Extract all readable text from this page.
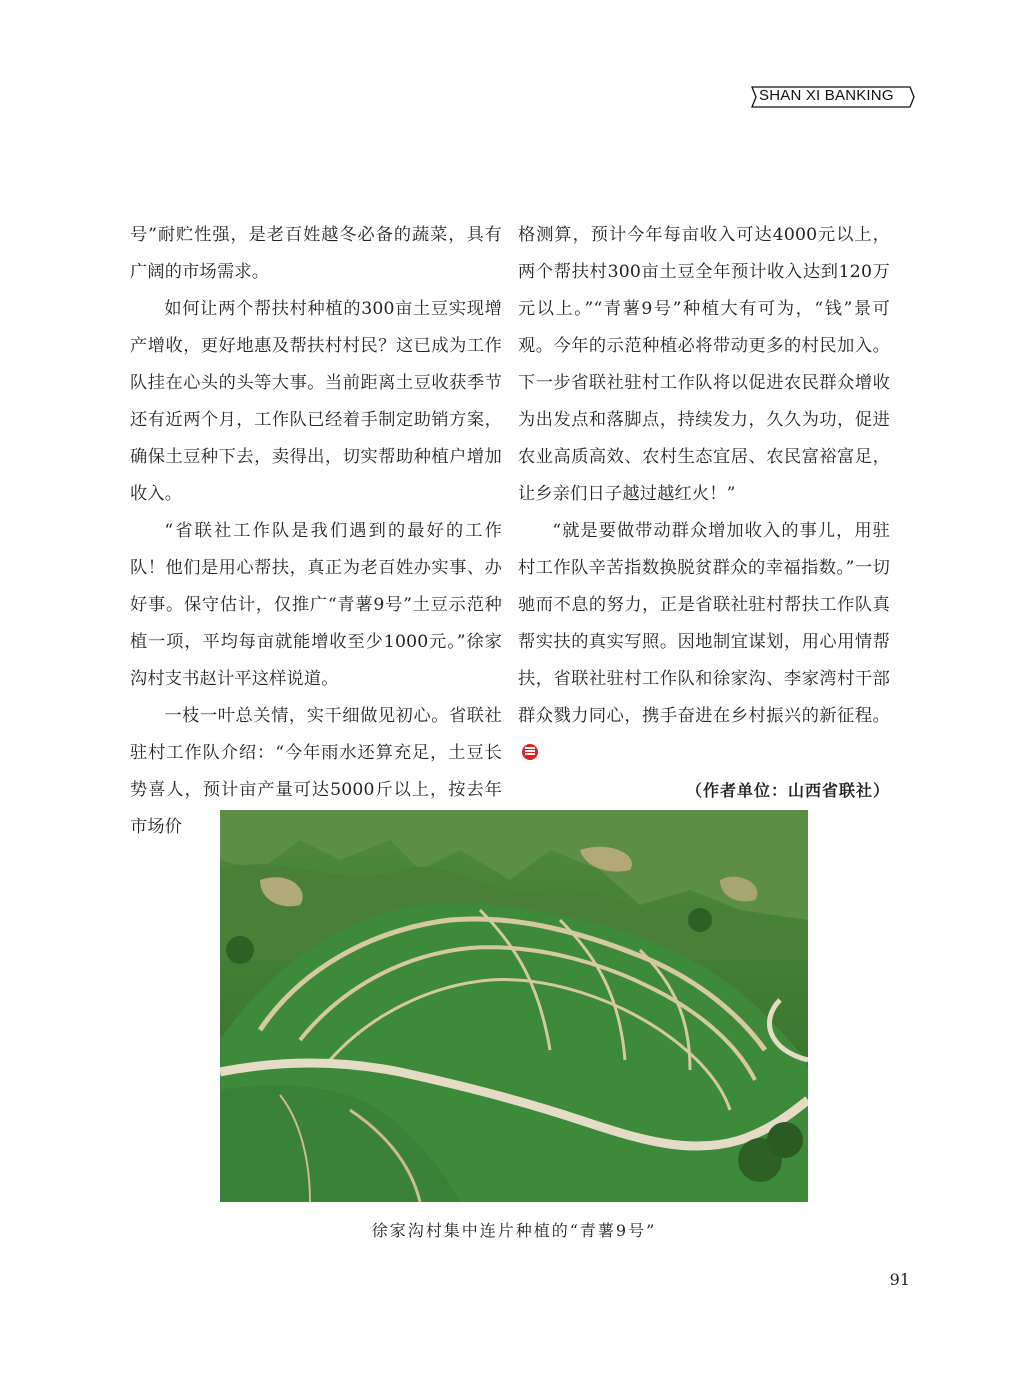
SHAN XI BANKING

号”耐贮性强，是老百姓越冬必备的蔬菜，具有广阔的市场需求。

如何让两个帮扶村种植的300亩土豆实现增产增收，更好地惠及帮扶村村民？这已成为工作队挂在心头的头等大事。当前距离土豆收获季节还有近两个月，工作队已经着手制定助销方案，确保土豆种下去，卖得出，切实帮助种植户增加收入。

“省联社工作队是我们遇到的最好的工作队！他们是用心帮扶，真正为老百姓办实事、办好事。保守估计，仅推广“青薯9号”土豆示范种植一项，平均每亩就能增收至少1000元。”徐家沟村支书赵计平这样说道。

一枝一叶总关情，实干细做见初心。省联社驻村工作队介绍：“今年雨水还算充足，土豆长势喜人，预计亩产量可达5000斤以上，按去年市场价

格测算，预计今年每亩收入可达4000元以上，两个帮扶村300亩土豆全年预计收入达到120万元以上。”“青薯9号”种植大有可为，“钱”景可观。今年的示范种植必将带动更多的村民加入。下一步省联社驻村工作队将以促进农民群众增收为出发点和落脚点，持续发力，久久为功，促进农业高质高效、农村生态宜居、农民富裕富足，让乡亲们日子越过越红火！”

“就是要做带动群众增加收入的事儿，用驻村工作队辛苦指数换脱贫群众的幸福指数。”一切驰而不息的努力，正是省联社驻村帮扶工作队真帮实扶的真实写照。因地制宜谋划，用心用情帮扶，省联社驻村工作队和徐家沟、李家湾村干部群众戮力同心，携手奋进在乡村振兴的新征程。

（作者单位：山西省联社）

徐家沟村集中连片种植的“青薯9号”
91
